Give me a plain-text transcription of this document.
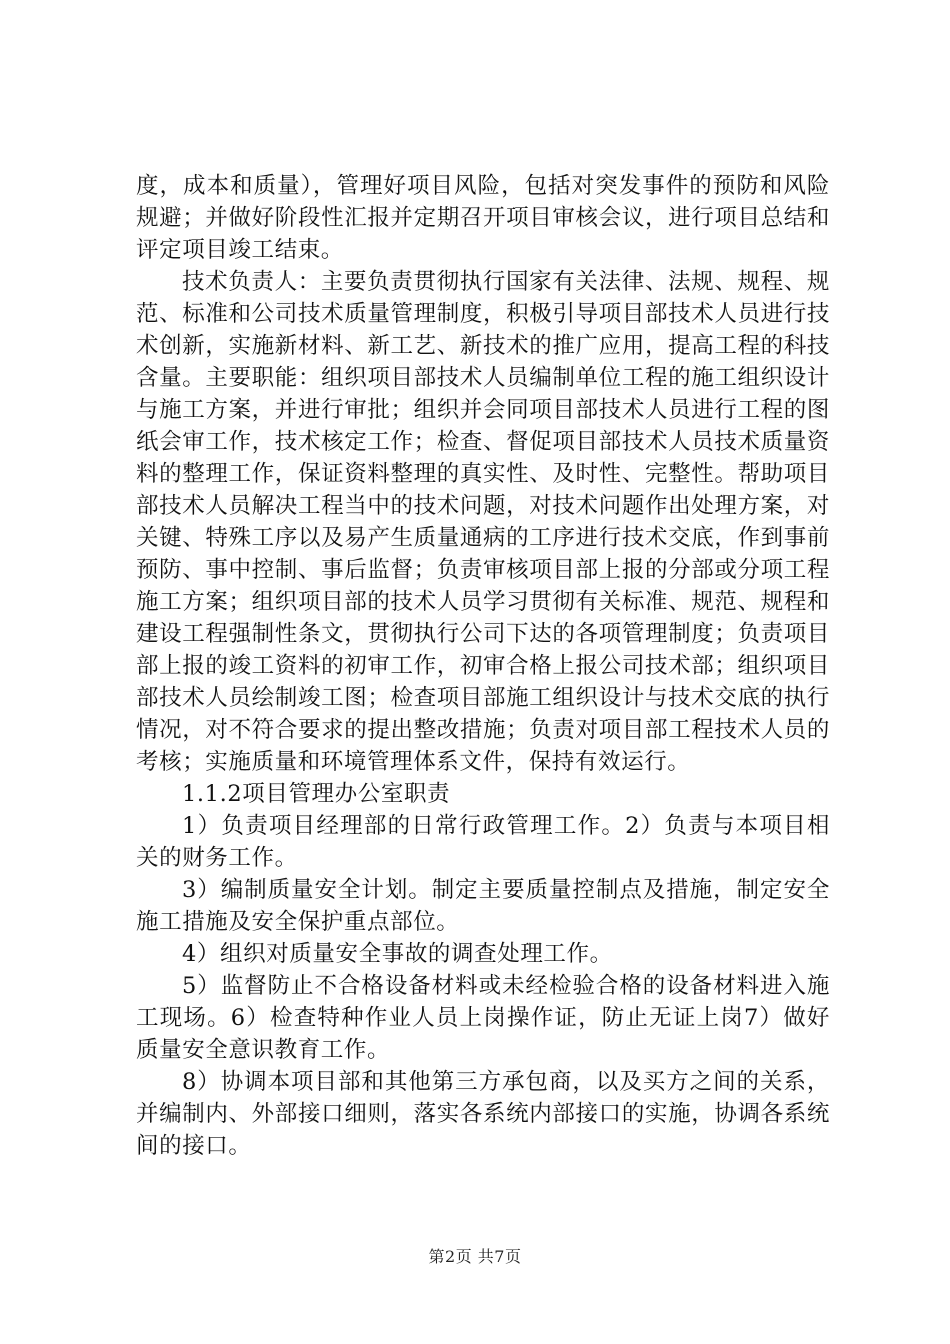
度，成本和质量），管理好项目风险，包括对突发事件的预防和风险规避；并做好阶段性汇报并定期召开项目审核会议，进行项目总结和评定项目竣工结束。

技术负责人：主要负责贯彻执行国家有关法律、法规、规程、规范、标准和公司技术质量管理制度，积极引导项目部技术人员进行技术创新，实施新材料、新工艺、新技术的推广应用，提高工程的科技含量。主要职能：组织项目部技术人员编制单位工程的施工组织设计与施工方案，并进行审批；组织并会同项目部技术人员进行工程的图纸会审工作，技术核定工作；检查、督促项目部技术人员技术质量资料的整理工作，保证资料整理的真实性、及时性、完整性。帮助项目部技术人员解决工程当中的技术问题，对技术问题作出处理方案，对关键、特殊工序以及易产生质量通病的工序进行技术交底，作到事前预防、事中控制、事后监督；负责审核项目部上报的分部或分项工程施工方案；组织项目部的技术人员学习贯彻有关标准、规范、规程和建设工程强制性条文，贯彻执行公司下达的各项管理制度；负责项目部上报的竣工资料的初审工作，初审合格上报公司技术部；组织项目部技术人员绘制竣工图；检查项目部施工组织设计与技术交底的执行情况，对不符合要求的提出整改措施；负责对项目部工程技术人员的考核；实施质量和环境管理体系文件，保持有效运行。

1.1.2项目管理办公室职责

1）负责项目经理部的日常行政管理工作。2）负责与本项目相关的财务工作。

3）编制质量安全计划。制定主要质量控制点及措施，制定安全施工措施及安全保护重点部位。

4）组织对质量安全事故的调查处理工作。

5）监督防止不合格设备材料或未经检验合格的设备材料进入施工现场。6）检查特种作业人员上岗操作证，防止无证上岗7）做好质量安全意识教育工作。

8）协调本项目部和其他第三方承包商，以及买方之间的关系，并编制内、外部接口细则，落实各系统内部接口的实施，协调各系统间的接口。

第2页 共7页
